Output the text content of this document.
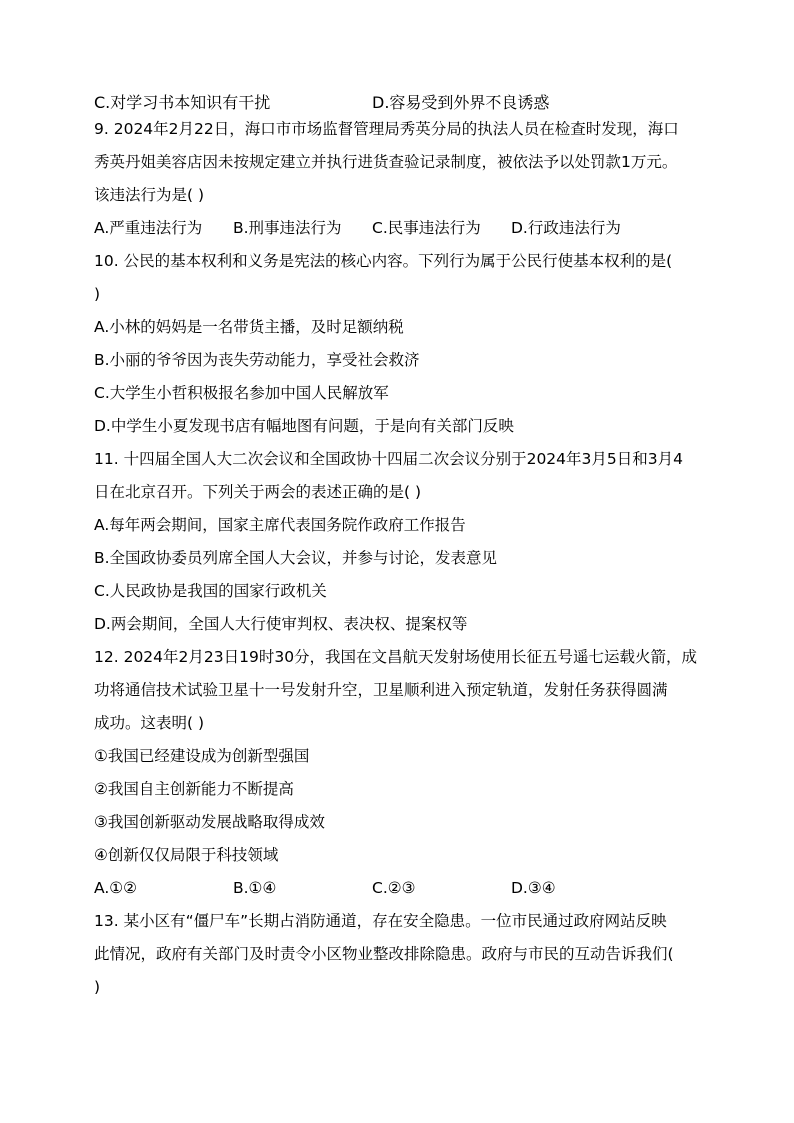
C.对学习书本知识有干扰	D.容易受到外界不良诱惑
9. 2024年2月22日，海口市市场监督管理局秀英分局的执法人员在检查时发现，海口
秀英丹姐美容店因未按规定建立并执行进货查验记录制度，被依法予以处罚款1万元。
该违法行为是( )
A.严重违法行为	B.刑事违法行为	C.民事违法行为	D.行政违法行为
10. 公民的基本权利和义务是宪法的核心内容。下列行为属于公民行使基本权利的是(
)
A.小林的妈妈是一名带货主播，及时足额纳税
B.小丽的爷爷因为丧失劳动能力，享受社会救济
C.大学生小哲积极报名参加中国人民解放军
D.中学生小夏发现书店有幅地图有问题，于是向有关部门反映
11. 十四届全国人大二次会议和全国政协十四届二次会议分别于2024年3月5日和3月4
日在北京召开。下列关于两会的表述正确的是( )
A.每年两会期间，国家主席代表国务院作政府工作报告
B.全国政协委员列席全国人大会议，并参与讨论，发表意见
C.人民政协是我国的国家行政机关
D.两会期间，全国人大行使审判权、表决权、提案权等
12. 2024年2月23日19时30分，我国在文昌航天发射场使用长征五号遥七运载火箭，成
功将通信技术试验卫星十一号发射升空，卫星顺利进入预定轨道，发射任务获得圆满
成功。这表明( )
①我国已经建设成为创新型强国
②我国自主创新能力不断提高
③我国创新驱动发展战略取得成效
④创新仅仅局限于科技领域
A.①②	B.①④	C.②③	D.③④
13. 某小区有“僵尸车”长期占消防通道，存在安全隐患。一位市民通过政府网站反映
此情况，政府有关部门及时责令小区物业整改排除隐患。政府与市民的互动告诉我们(
)
